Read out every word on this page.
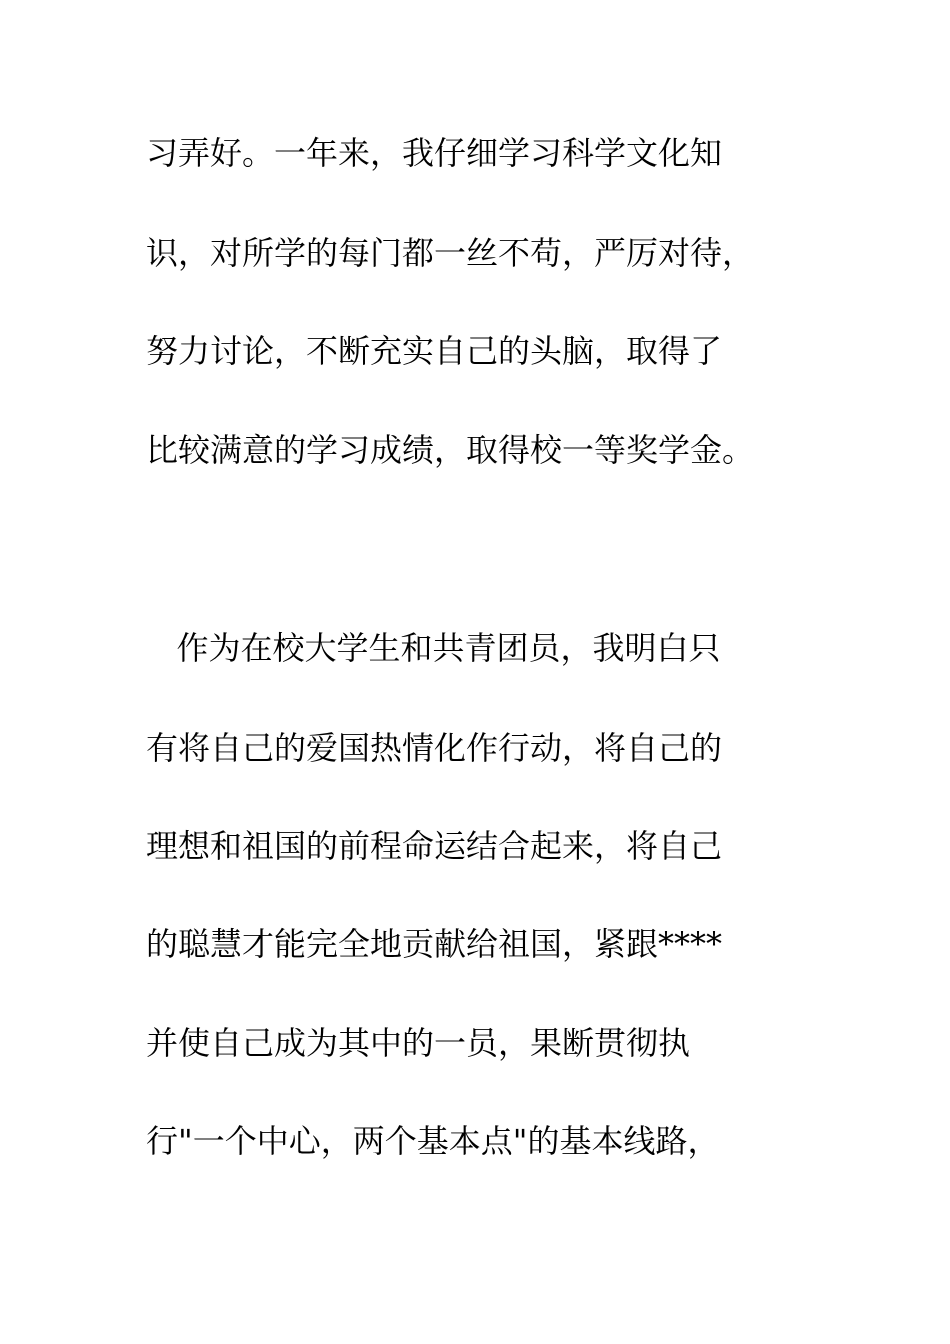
习弄好。一年来，我仔细学习科学文化知

识，对所学的每门都一丝不苟，严厉对待，

努力讨论，不断充实自己的头脑，取得了

比较满意的学习成绩，取得校一等奖学金。

作为在校大学生和共青团员，我明白只

有将自己的爱国热情化作行动，将自己的

理想和祖国的前程命运结合起来，将自己

的聪慧才能完全地贡献给祖国，紧跟****

并使自己成为其中的一员，果断贯彻执

行"一个中心，两个基本点"的基本线路，
